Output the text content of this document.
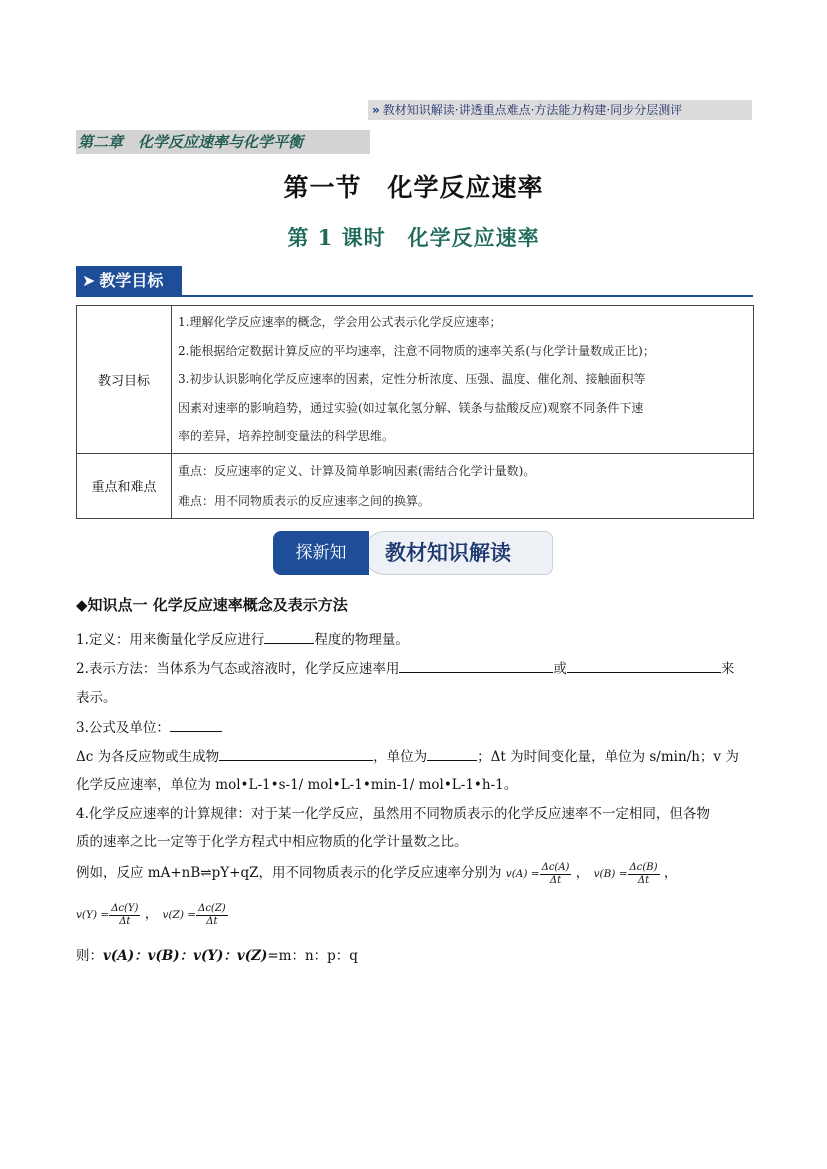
» 教材知识解读·讲透重点难点·方法能力构建·同步分层测评
第二章　化学反应速率与化学平衡
第一节　化学反应速率
第 1 课时　化学反应速率
➤ 教学目标
教习目标	1.理解化学反应速率的概念，学会用公式表示化学反应速率；
2.能根据给定数据计算反应的平均速率，注意不同物质的速率关系(与化学计量数成正比)；
3.初步认识影响化学反应速率的因素，定性分析浓度、压强、温度、催化剂、接触面积等
因素对速率的影响趋势，通过实验(如过氧化氢分解、镁条与盐酸反应)观察不同条件下速
率的差异，培养控制变量法的科学思维。

重点和难点	重点：反应速率的定义、计算及简单影响因素(需结合化学计量数)。
难点：用不同物质表示的反应速率之间的换算。
教材知识解读
探新知
◆知识点一 化学反应速率概念及表示方法
1.定义：用来衡量化学反应进行	程度的物理量。
2.表示方法：当体系为气态或溶液时，化学反应速率用	或	来
表示。
3.公式及单位：
Δc 为各反应物或生成物	，单位为	；Δt 为时间变化量，单位为 s/min/h；v 为
化学反应速率，单位为 mol•L-1•s-1/ mol•L-1•min-1/ mol•L-1•h-1。
4.化学反应速率的计算规律：对于某一化学反应，虽然用不同物质表示的化学反应速率不一定相同，但各物
质的速率之比一定等于化学方程式中相应物质的化学计量数之比。
例如，反应 mA+nB⇌pY+qZ，用不同物质表示的化学反应速率分别为 $v(A) = \frac{\Delta c(A)}{\Delta t}$ ， $v(B) = \frac{\Delta c(B)}{\Delta t}$ ，
$v(Y) = \frac{\Delta c(Y)}{\Delta t}$ ， $v(Z) = \frac{\Delta c(Z)}{\Delta t}$
则：v(A)：v(B)：v(Y)：v(Z)=m：n：p：q
